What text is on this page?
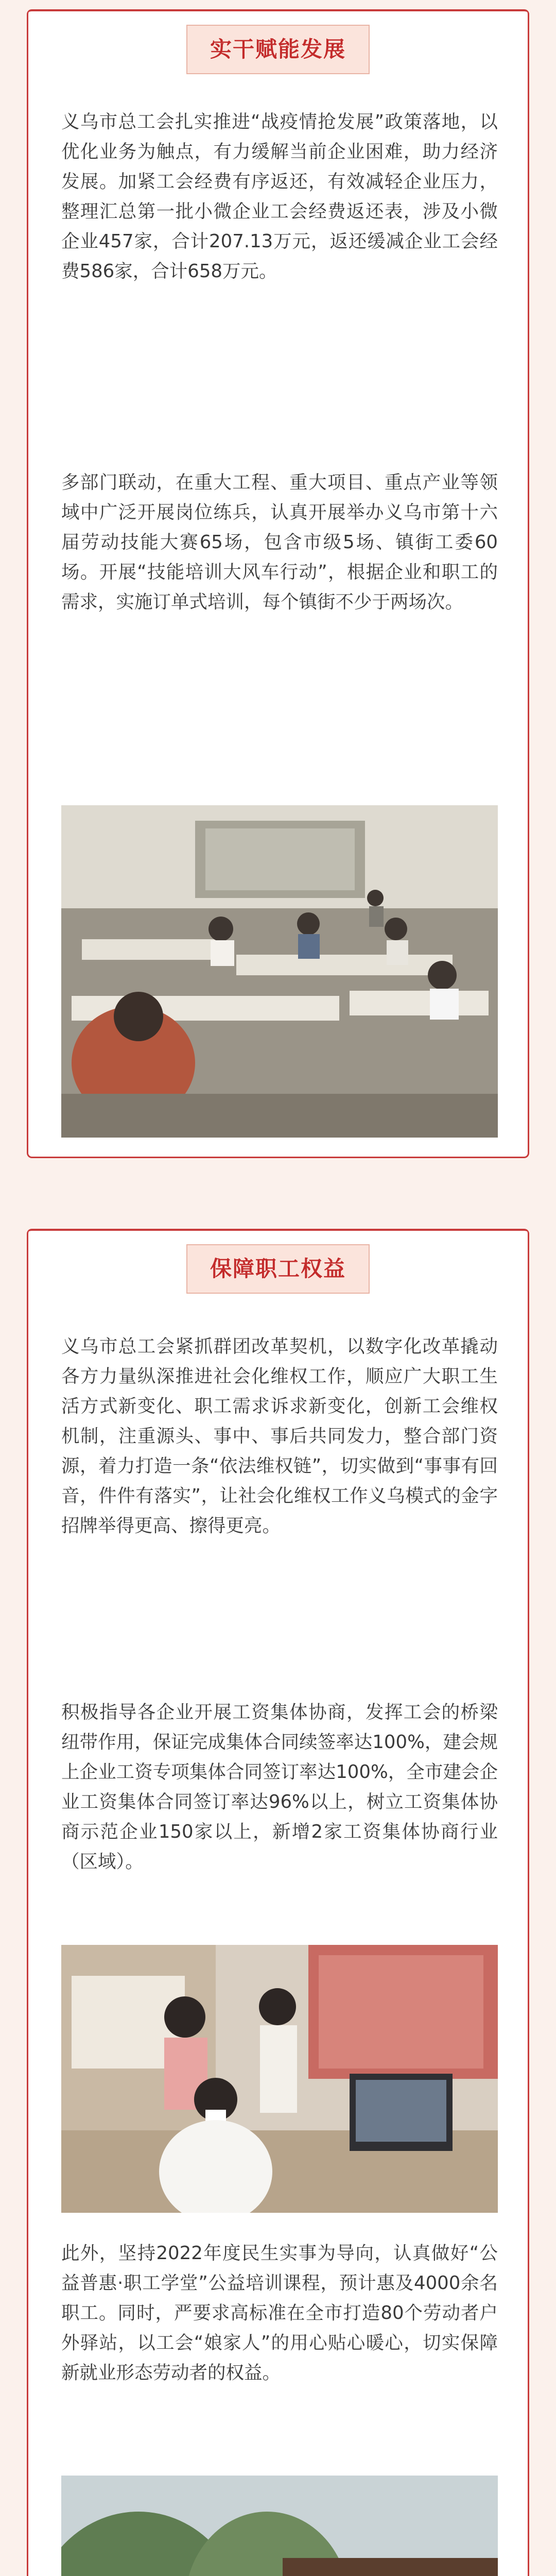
实干赋能发展

义乌市总工会扎实推进“战疫情抢发展”政策落地，以优化业务为触点，有力缓解当前企业困难，助力经济发展。加紧工会经费有序返还，有效减轻企业压力，整理汇总第一批小微企业工会经费返还表，涉及小微企业457家，合计207.13万元，返还缓减企业工会经费586家，合计658万元。

多部门联动，在重大工程、重大项目、重点产业等领域中广泛开展岗位练兵，认真开展举办义乌市第十六届劳动技能大赛65场，包含市级5场、镇街工委60场。开展“技能培训大风车行动”，根据企业和职工的需求，实施订单式培训，每个镇街不少于两场次。

保障职工权益

义乌市总工会紧抓群团改革契机，以数字化改革撬动各方力量纵深推进社会化维权工作，顺应广大职工生活方式新变化、职工需求诉求新变化，创新工会维权机制，注重源头、事中、事后共同发力，整合部门资源，着力打造一条“依法维权链”，切实做到“事事有回音，件件有落实”，让社会化维权工作义乌模式的金字招牌举得更高、擦得更亮。

积极指导各企业开展工资集体协商，发挥工会的桥梁纽带作用，保证完成集体合同续签率达100%，建会规上企业工资专项集体合同签订率达100%，全市建会企业工资集体合同签订率达96%以上，树立工资集体协商示范企业150家以上，新增2家工资集体协商行业（区域）。

此外，坚持2022年度民生实事为导向，认真做好“公益普惠·职工学堂”公益培训课程，预计惠及4000余名职工。同时，严要求高标准在全市打造80个劳动者户外驿站，以工会“娘家人”的用心贴心暖心，切实保障新就业形态劳动者的权益。
